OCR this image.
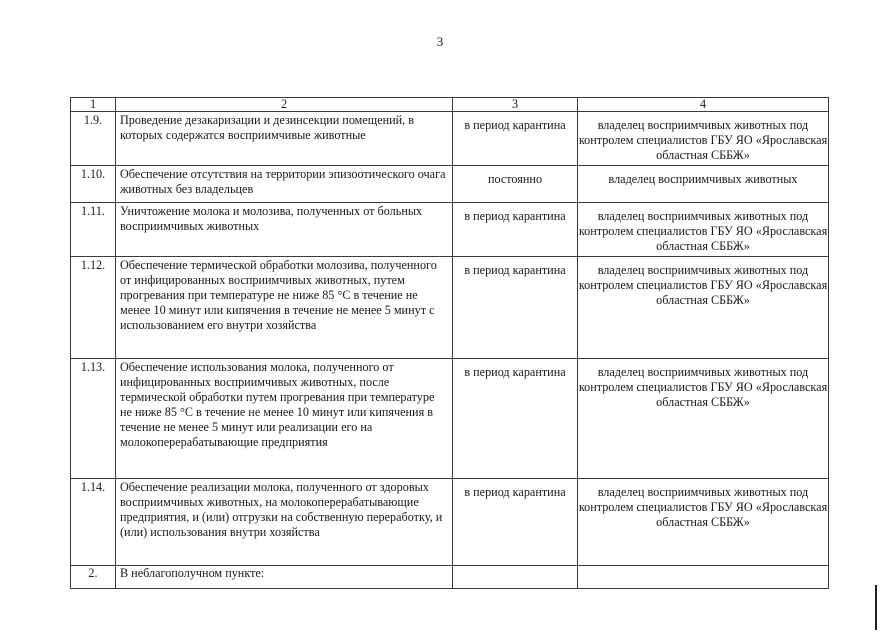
3
1	2	3	4
1.9.	Проведение дезакаризации и дезинсекции помещений, в которых содержатся восприимчивые животные	в период карантина	владелец восприимчивых животных под контролем специалистов ГБУ ЯО «Ярославская областная СББЖ»
1.10.	Обеспечение отсутствия на территории эпизоотического очага животных без владельцев	постоянно	владелец восприимчивых животных
1.11.	Уничтожение молока и молозива, полученных от больных восприимчивых животных	в период карантина	владелец восприимчивых животных под контролем специалистов ГБУ ЯО «Ярославская областная СББЖ»
1.12.	Обеспечение термической обработки молозива, полученного от инфицированных восприимчивых животных, путем прогревания при температуре не ниже 85 °С в течение не менее 10 минут или кипячения в течение не менее 5 минут с использованием его внутри хозяйства	в период карантина	владелец восприимчивых животных под контролем специалистов ГБУ ЯО «Ярославская областная СББЖ»
1.13.	Обеспечение использования молока, полученного от инфицированных восприимчивых животных, после термической обработки путем прогревания при температуре не ниже 85 °С в течение не менее 10 минут или кипячения в течение не менее 5 минут или реализации его на молокоперерабатывающие предприятия	в период карантина	владелец восприимчивых животных под контролем специалистов ГБУ ЯО «Ярославская областная СББЖ»
1.14.	Обеспечение реализации молока, полученного от здоровых восприимчивых животных, на молокоперерабатывающие предприятия, и (или) отгрузки на собственную переработку, и (или) использования внутри хозяйства	в период карантина	владелец восприимчивых животных под контролем специалистов ГБУ ЯО «Ярославская областная СББЖ»
2.	В неблагополучном пункте:		
